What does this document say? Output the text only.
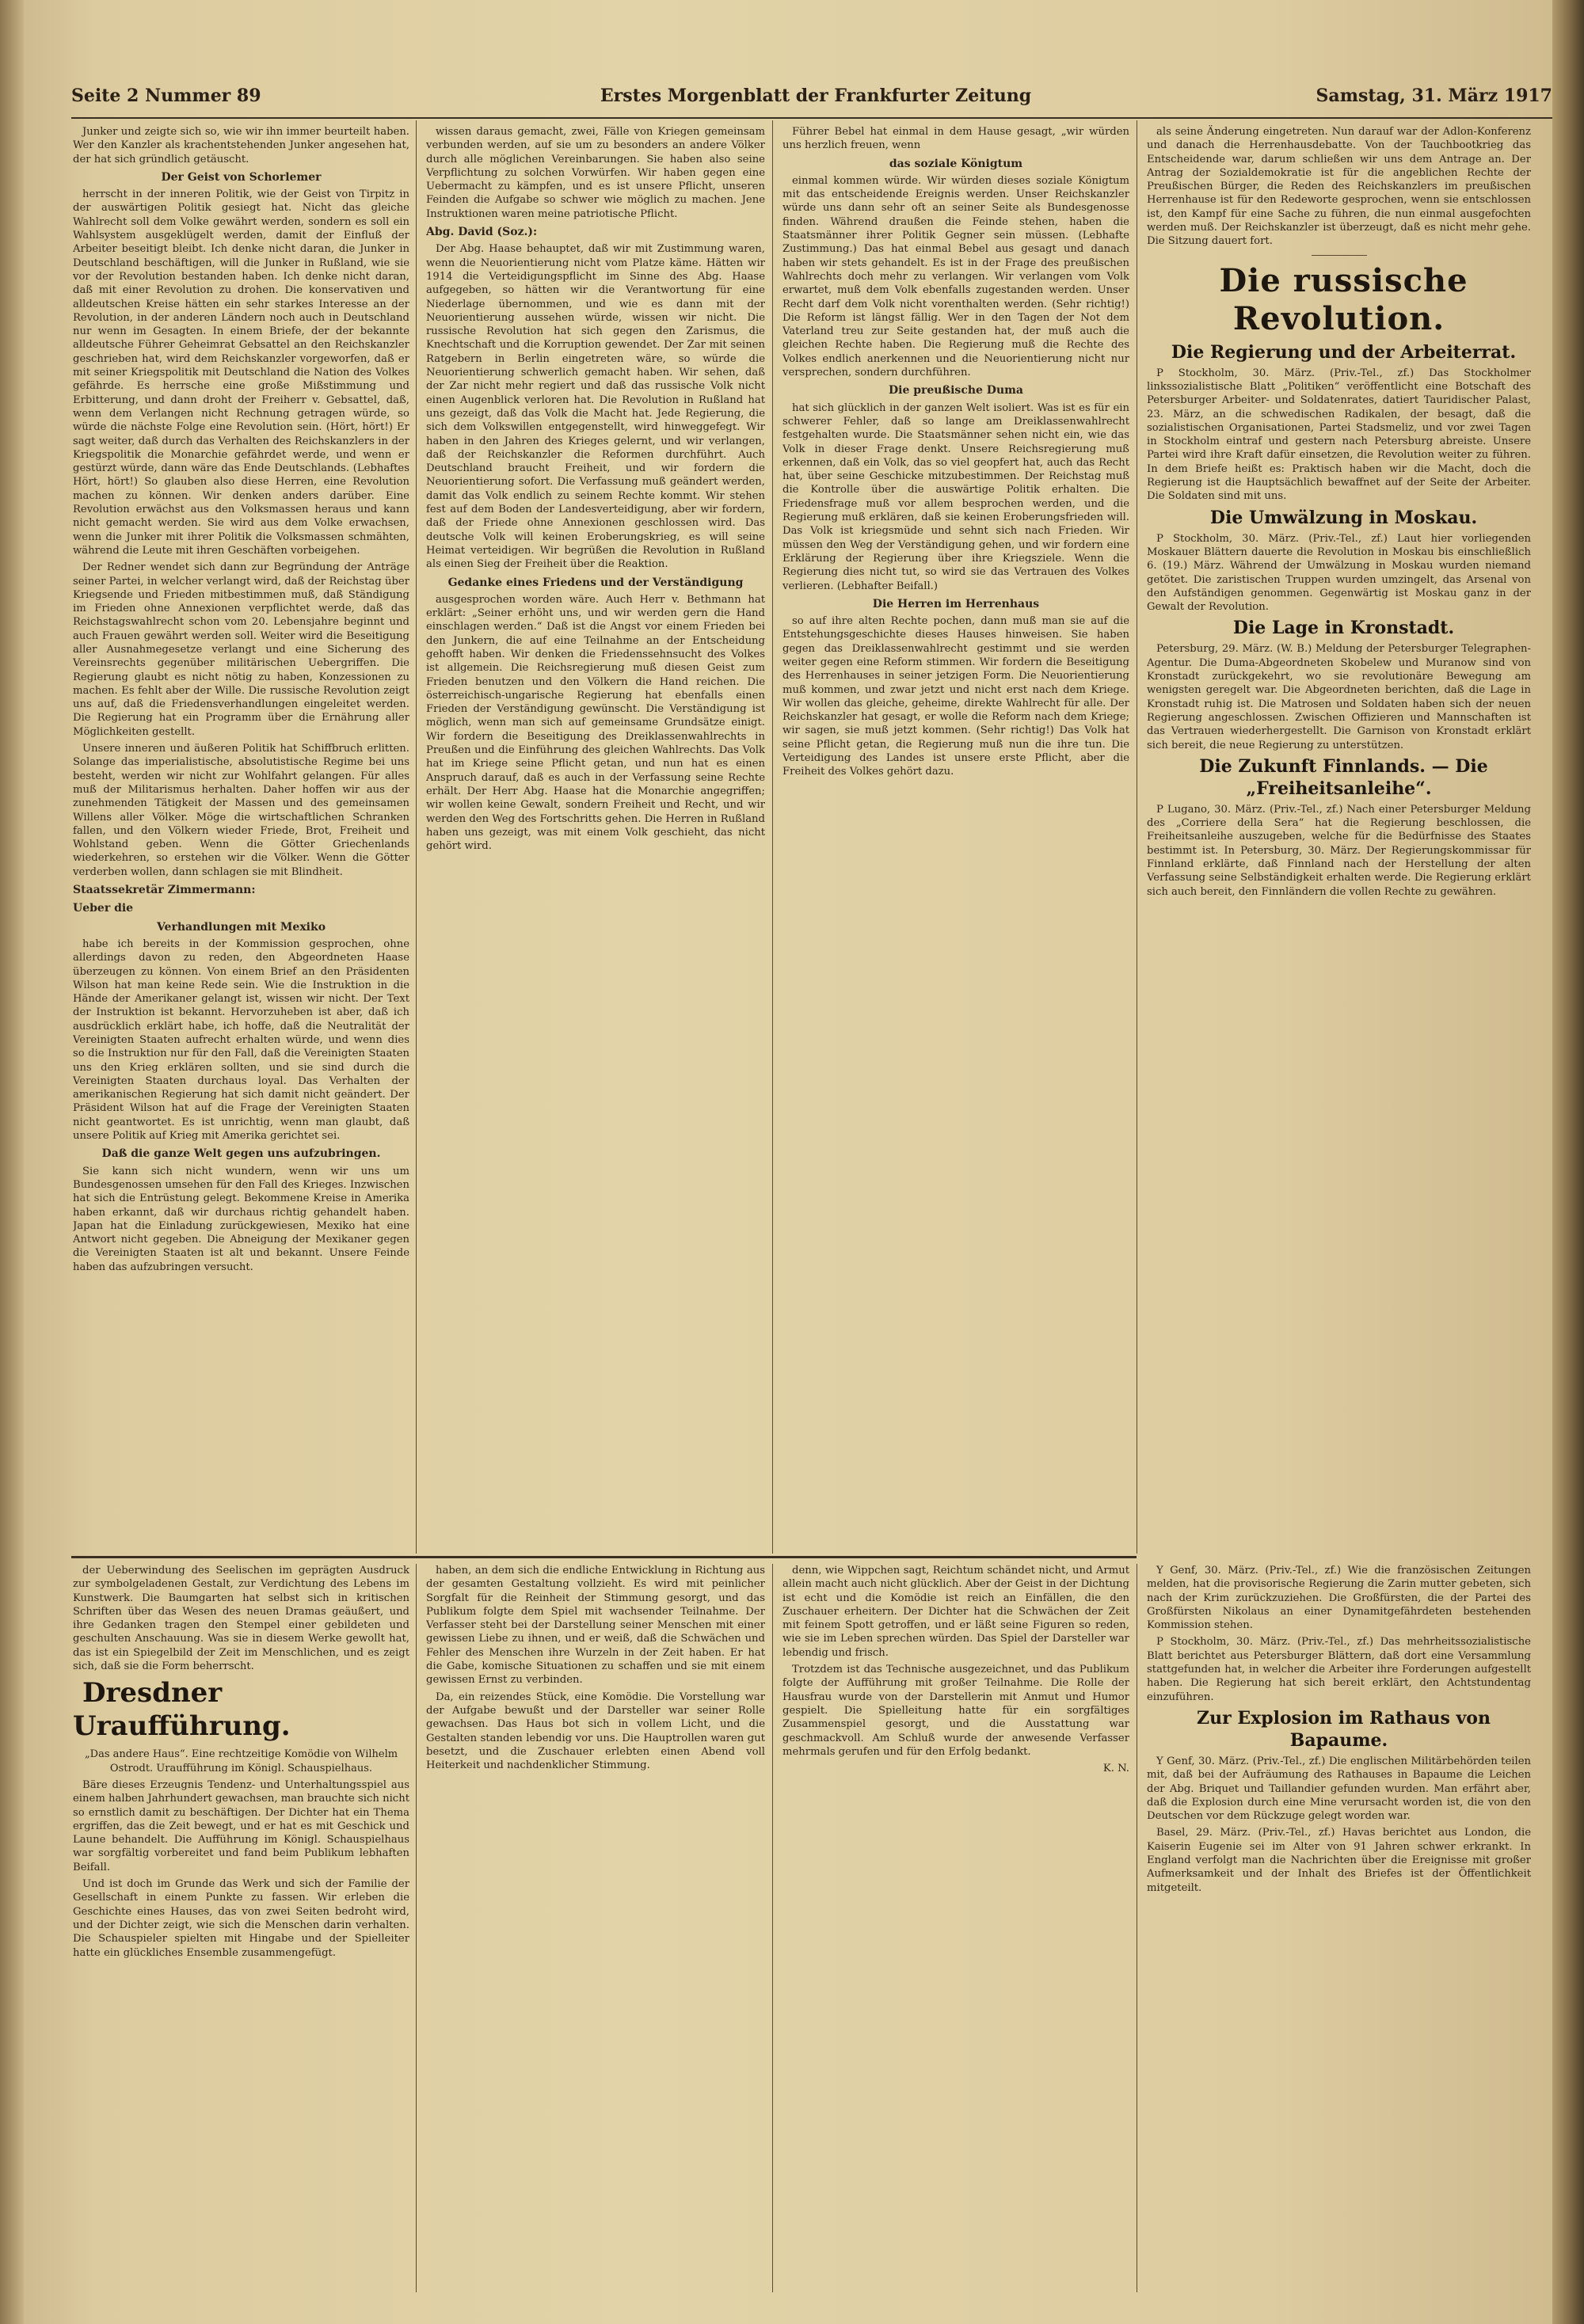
Seite 2 Nummer 89	Erstes Morgenblatt der Frankfurter Zeitung	Samstag, 31. März 1917

Junker und zeigte sich so, wie wir ihn immer beurteilt haben. Wer den Kanzler als krachentstehenden Junker angesehen hat, der hat sich gründlich getäuscht.

Der Geist von Schorlemer

herrscht in der inneren Politik, wie der Geist von Tirpitz in der auswärtigen Politik gesiegt hat. Nicht das gleiche Wahlrecht soll dem Volke gewährt werden, sondern es soll ein Wahlsystem ausgeklügelt werden, damit der Einfluß der Arbeiter beseitigt bleibt. Ich denke nicht daran, die Junker in Deutschland beschäftigen, will die Junker in Rußland, wie sie vor der Revolution bestanden haben. Ich denke nicht daran, daß mit einer Revolution zu drohen. Die konservativen und alldeutschen Kreise hätten ein sehr starkes Interesse an der Revolution, in der anderen Ländern noch auch in Deutschland nur wenn im Gesagten. In einem Briefe, der der bekannte alldeutsche Führer Geheimrat Gebsattel an den Reichskanzler geschrieben hat, wird dem Reichskanzler vorgeworfen, daß er mit seiner Kriegspolitik mit Deutschland die Nation des Volkes gefährde. Es herrsche eine große Mißstimmung und Erbitterung, und dann droht der Freiherr v. Gebsattel, daß, wenn dem Verlangen nicht Rechnung getragen würde, so würde die nächste Folge eine Revolution sein. (Hört, hört!) Er sagt weiter, daß durch das Verhalten des Reichskanzlers in der Kriegspolitik die Monarchie gefährdet werde, und wenn er gestürzt würde, dann wäre das Ende Deutschlands. (Lebhaftes Hört, hört!) So glauben also diese Herren, eine Revolution machen zu können. Wir denken anders darüber. Eine Revolution erwächst aus den Volksmassen heraus und kann nicht gemacht werden. Sie wird aus dem Volke erwachsen, wenn die Junker mit ihrer Politik die Volksmassen schmähten, während die Leute mit ihren Geschäften vorbeigehen.

Der Redner wendet sich dann zur Begründung der Anträge seiner Partei, in welcher verlangt wird, daß der Reichstag über Kriegsende und Frieden mitbestimmen muß, daß Ständigung im Frieden ohne Annexionen verpflichtet werde, daß das Reichstagswahlrecht schon vom 20. Lebensjahre beginnt und auch Frauen gewährt werden soll. Weiter wird die Beseitigung aller Ausnahmegesetze verlangt und eine Sicherung des Vereinsrechts gegenüber militärischen Uebergriffen. Die Regierung glaubt es nicht nötig zu haben, Konzessionen zu machen. Es fehlt aber der Wille. Die russische Revolution zeigt uns auf, daß die Friedensverhandlungen eingeleitet werden. Die Regierung hat ein Programm über die Ernährung aller Möglichkeiten gestellt.

Unsere inneren und äußeren Politik hat Schiffbruch erlitten. Solange das imperialistische, absolutistische Regime bei uns besteht, werden wir nicht zur Wohlfahrt gelangen. Für alles muß der Militarismus herhalten. Daher hoffen wir aus der zunehmenden Tätigkeit der Massen und des gemeinsamen Willens aller Völker. Möge die wirtschaftlichen Schranken fallen, und den Völkern wieder Friede, Brot, Freiheit und Wohlstand geben. Wenn die Götter Griechenlands wiederkehren, so erstehen wir die Völker. Wenn die Götter verderben wollen, dann schlagen sie mit Blindheit.

Staatssekretär Zimmermann:

Ueber die

Verhandlungen mit Mexiko

habe ich bereits in der Kommission gesprochen, ohne allerdings davon zu reden, den Abgeordneten Haase überzeugen zu können. Von einem Brief an den Präsidenten Wilson hat man keine Rede sein. Wie die Instruktion in die Hände der Amerikaner gelangt ist, wissen wir nicht. Der Text der Instruktion ist bekannt. Hervorzuheben ist aber, daß ich ausdrücklich erklärt habe, ich hoffe, daß die Neutralität der Vereinigten Staaten aufrecht erhalten würde, und wenn dies so die Instruktion nur für den Fall, daß die Vereinigten Staaten uns den Krieg erklären sollten, und sie sind durch die Vereinigten Staaten durchaus loyal. Das Verhalten der amerikanischen Regierung hat sich damit nicht geändert. Der Präsident Wilson hat auf die Frage der Vereinigten Staaten nicht geantwortet. Es ist unrichtig, wenn man glaubt, daß unsere Politik auf Krieg mit Amerika gerichtet sei.

Daß die ganze Welt gegen uns aufzubringen.

Sie kann sich nicht wundern, wenn wir uns um Bundesgenossen umsehen für den Fall des Krieges. Inzwischen hat sich die Entrüstung gelegt. Bekommene Kreise in Amerika haben erkannt, daß wir durchaus richtig gehandelt haben. Japan hat die Einladung zurückgewiesen, Mexiko hat eine Antwort nicht gegeben. Die Abneigung der Mexikaner gegen die Vereinigten Staaten ist alt und bekannt. Unsere Feinde haben das aufzubringen versucht.

wissen daraus gemacht, zwei, Fälle von Kriegen gemeinsam verbunden werden, auf sie um zu besonders an andere Völker durch alle möglichen Vereinbarungen. Sie haben also seine Verpflichtung zu solchen Vorwürfen. Wir haben gegen eine Uebermacht zu kämpfen, und es ist unsere Pflicht, unseren Feinden die Aufgabe so schwer wie möglich zu machen. Jene Instruktionen waren meine patriotische Pflicht.

Abg. David (Soz.):

Der Abg. Haase behauptet, daß wir mit Zustimmung waren, wenn die Neuorientierung nicht vom Platze käme. Hätten wir 1914 die Verteidigungspflicht im Sinne des Abg. Haase aufgegeben, so hätten wir die Verantwortung für eine Niederlage übernommen, und wie es dann mit der Neuorientierung aussehen würde, wissen wir nicht. Die russische Revolution hat sich gegen den Zarismus, die Knechtschaft und die Korruption gewendet. Der Zar mit seinen Ratgebern in Berlin eingetreten wäre, so würde die Neuorientierung schwerlich gemacht haben. Wir sehen, daß der Zar nicht mehr regiert und daß das russische Volk nicht einen Augenblick verloren hat. Die Revolution in Rußland hat uns gezeigt, daß das Volk die Macht hat. Jede Regierung, die sich dem Volkswillen entgegenstellt, wird hinweggefegt. Wir haben in den Jahren des Krieges gelernt, und wir verlangen, daß der Reichskanzler die Reformen durchführt. Auch Deutschland braucht Freiheit, und wir fordern die Neuorientierung sofort. Die Verfassung muß geändert werden, damit das Volk endlich zu seinem Rechte kommt. Wir stehen fest auf dem Boden der Landesverteidigung, aber wir fordern, daß der Friede ohne Annexionen geschlossen wird. Das deutsche Volk will keinen Eroberungskrieg, es will seine Heimat verteidigen. Wir begrüßen die Revolution in Rußland als einen Sieg der Freiheit über die Reaktion.

Gedanke eines Friedens und der Verständigung

ausgesprochen worden wäre. Auch Herr v. Bethmann hat erklärt: „Seiner erhöht uns, und wir werden gern die Hand einschlagen werden.“ Daß ist die Angst vor einem Frieden bei den Junkern, die auf eine Teilnahme an der Entscheidung gehofft haben. Wir denken die Friedenssehnsucht des Volkes ist allgemein. Die Reichsregierung muß diesen Geist zum Frieden benutzen und den Völkern die Hand reichen. Die österreichisch-ungarische Regierung hat ebenfalls einen Frieden der Verständigung gewünscht. Die Verständigung ist möglich, wenn man sich auf gemeinsame Grundsätze einigt. Wir fordern die Beseitigung des Dreiklassenwahlrechts in Preußen und die Einführung des gleichen Wahlrechts. Das Volk hat im Kriege seine Pflicht getan, und nun hat es einen Anspruch darauf, daß es auch in der Verfassung seine Rechte erhält. Der Herr Abg. Haase hat die Monarchie angegriffen; wir wollen keine Gewalt, sondern Freiheit und Recht, und wir werden den Weg des Fortschritts gehen. Die Herren in Rußland haben uns gezeigt, was mit einem Volk geschieht, das nicht gehört wird.

Führer Bebel hat einmal in dem Hause gesagt, „wir würden uns herzlich freuen, wenn

das soziale Königtum

einmal kommen würde. Wir würden dieses soziale Königtum mit das entscheidende Ereignis werden. Unser Reichskanzler würde uns dann sehr oft an seiner Seite als Bundesgenosse finden. Während draußen die Feinde stehen, haben die Staatsmänner ihrer Politik Gegner sein müssen. (Lebhafte Zustimmung.) Das hat einmal Bebel aus gesagt und danach haben wir stets gehandelt. Es ist in der Frage des preußischen Wahlrechts doch mehr zu verlangen. Wir verlangen vom Volk erwartet, muß dem Volk ebenfalls zugestanden werden. Unser Recht darf dem Volk nicht vorenthalten werden. (Sehr richtig!) Die Reform ist längst fällig. Wer in den Tagen der Not dem Vaterland treu zur Seite gestanden hat, der muß auch die gleichen Rechte haben. Die Regierung muß die Rechte des Volkes endlich anerkennen und die Neuorientierung nicht nur versprechen, sondern durchführen.

Die preußische Duma

hat sich glücklich in der ganzen Welt isoliert. Was ist es für ein schwerer Fehler, daß so lange am Dreiklassenwahlrecht festgehalten wurde. Die Staatsmänner sehen nicht ein, wie das Volk in dieser Frage denkt. Unsere Reichsregierung muß erkennen, daß ein Volk, das so viel geopfert hat, auch das Recht hat, über seine Geschicke mitzubestimmen. Der Reichstag muß die Kontrolle über die auswärtige Politik erhalten. Die Friedensfrage muß vor allem besprochen werden, und die Regierung muß erklären, daß sie keinen Eroberungsfrieden will. Das Volk ist kriegsmüde und sehnt sich nach Frieden. Wir müssen den Weg der Verständigung gehen, und wir fordern eine Erklärung der Regierung über ihre Kriegsziele. Wenn die Regierung dies nicht tut, so wird sie das Vertrauen des Volkes verlieren. (Lebhafter Beifall.)

Die Herren im Herrenhaus

so auf ihre alten Rechte pochen, dann muß man sie auf die Entstehungsgeschichte dieses Hauses hinweisen. Sie haben gegen das Dreiklassenwahlrecht gestimmt und sie werden weiter gegen eine Reform stimmen. Wir fordern die Beseitigung des Herrenhauses in seiner jetzigen Form. Die Neuorientierung muß kommen, und zwar jetzt und nicht erst nach dem Kriege. Wir wollen das gleiche, geheime, direkte Wahlrecht für alle. Der Reichskanzler hat gesagt, er wolle die Reform nach dem Kriege; wir sagen, sie muß jetzt kommen. (Sehr richtig!) Das Volk hat seine Pflicht getan, die Regierung muß nun die ihre tun. Die Verteidigung des Landes ist unsere erste Pflicht, aber die Freiheit des Volkes gehört dazu.

als seine Änderung eingetreten. Nun darauf war der Adlon-Konferenz und danach die Herrenhausdebatte. Von der Tauchbootkrieg das Entscheidende war, darum schließen wir uns dem Antrage an. Der Antrag der Sozialdemokratie ist für die angeblichen Rechte der Preußischen Bürger, die Reden des Reichskanzlers im preußischen Herrenhause ist für den Redeworte gesprochen, wenn sie entschlossen ist, den Kampf für eine Sache zu führen, die nun einmal ausgefochten werden muß. Der Reichskanzler ist überzeugt, daß es nicht mehr gehe. Die Sitzung dauert fort.

Die russische Revolution.

Die Regierung und der Arbeiterrat.

P Stockholm, 30. März. (Priv.-Tel., zf.) Das Stockholmer linkssozialistische Blatt „Politiken“ veröffentlicht eine Botschaft des Petersburger Arbeiter- und Soldatenrates, datiert Tauridischer Palast, 23. März, an die schwedischen Radikalen, der besagt, daß die sozialistischen Organisationen, Partei Stadsmeliz, und vor zwei Tagen in Stockholm eintraf und gestern nach Petersburg abreiste. Unsere Partei wird ihre Kraft dafür einsetzen, die Revolution weiter zu führen. In dem Briefe heißt es: Praktisch haben wir die Macht, doch die Regierung ist die Hauptsächlich bewaffnet auf der Seite der Arbeiter. Die Soldaten sind mit uns.

Die Umwälzung in Moskau.

P Stockholm, 30. März. (Priv.-Tel., zf.) Laut hier vorliegenden Moskauer Blättern dauerte die Revolution in Moskau bis einschließlich 6. (19.) März. Während der Umwälzung in Moskau wurden niemand getötet. Die zaristischen Truppen wurden umzingelt, das Arsenal von den Aufständigen genommen. Gegenwärtig ist Moskau ganz in der Gewalt der Revolution.

Die Lage in Kronstadt.

Petersburg, 29. März. (W. B.) Meldung der Petersburger Telegraphen-Agentur. Die Duma-Abgeordneten Skobelew und Muranow sind von Kronstadt zurückgekehrt, wo sie revolutionäre Bewegung am wenigsten geregelt war. Die Abgeordneten berichten, daß die Lage in Kronstadt ruhig ist. Die Matrosen und Soldaten haben sich der neuen Regierung angeschlossen. Zwischen Offizieren und Mannschaften ist das Vertrauen wiederhergestellt. Die Garnison von Kronstadt erklärt sich bereit, die neue Regierung zu unterstützen.

Die Zukunft Finnlands. — Die „Freiheitsanleihe“.

P Lugano, 30. März. (Priv.-Tel., zf.) Nach einer Petersburger Meldung des „Corriere della Sera“ hat die Regierung beschlossen, die Freiheitsanleihe auszugeben, welche für die Bedürfnisse des Staates bestimmt ist. In Petersburg, 30. März. Der Regierungskommissar für Finnland erklärte, daß Finnland nach der Herstellung der alten Verfassung seine Selbständigkeit erhalten werde. Die Regierung erklärt sich auch bereit, den Finnländern die vollen Rechte zu gewähren.

Y Genf, 30. März. (Priv.-Tel., zf.) Wie die französischen Zeitungen melden, hat die provisorische Regierung die Zarin mutter gebeten, sich nach der Krim zurückzuziehen. Die Großfürsten, die der Partei des Großfürsten Nikolaus an einer Dynamitgefährdeten bestehenden Kommission stehen.

P Stockholm, 30. März. (Priv.-Tel., zf.) Das mehrheitssozialistische Blatt berichtet aus Petersburger Blättern, daß dort eine Versammlung stattgefunden hat, in welcher die Arbeiter ihre Forderungen aufgestellt haben. Die Regierung hat sich bereit erklärt, den Achtstundentag einzuführen.

Zur Explosion im Rathaus von Bapaume.

Y Genf, 30. März. (Priv.-Tel., zf.) Die englischen Militärbehörden teilen mit, daß bei der Aufräumung des Rathauses in Bapaume die Leichen der Abg. Briquet und Taillandier gefunden wurden. Man erfährt aber, daß die Explosion durch eine Mine verursacht worden ist, die von den Deutschen vor dem Rückzuge gelegt worden war.

Basel, 29. März. (Priv.-Tel., zf.) Havas berichtet aus London, die Kaiserin Eugenie sei im Alter von 91 Jahren schwer erkrankt. In England verfolgt man die Nachrichten über die Ereignisse mit großer Aufmerksamkeit und der Inhalt des Briefes ist der Öffentlichkeit mitgeteilt.

der Ueberwindung des Seelischen im geprägten Ausdruck zur symbolgeladenen Gestalt, zur Verdichtung des Lebens im Kunstwerk. Die Baumgarten hat selbst sich in kritischen Schriften über das Wesen des neuen Dramas geäußert, und ihre Gedanken tragen den Stempel einer gebildeten und geschulten Anschauung. Was sie in diesem Werke gewollt hat, das ist ein Spiegelbild der Zeit im Menschlichen, und es zeigt sich, daß sie die Form beherrscht.

Dresdner Uraufführung.

„Das andere Haus“. Eine rechtzeitige Komödie von Wilhelm Ostrodt. Uraufführung im Königl. Schauspielhaus.

Bäre dieses Erzeugnis Tendenz- und Unterhaltungsspiel aus einem halben Jahrhundert gewachsen, man brauchte sich nicht so ernstlich damit zu beschäftigen. Der Dichter hat ein Thema ergriffen, das die Zeit bewegt, und er hat es mit Geschick und Laune behandelt. Die Aufführung im Königl. Schauspielhaus war sorgfältig vorbereitet und fand beim Publikum lebhaften Beifall.

Und ist doch im Grunde das Werk und sich der Familie der Gesellschaft in einem Punkte zu fassen. Wir erleben die Geschichte eines Hauses, das von zwei Seiten bedroht wird, und der Dichter zeigt, wie sich die Menschen darin verhalten. Die Schauspieler spielten mit Hingabe und der Spielleiter hatte ein glückliches Ensemble zusammengefügt.

haben, an dem sich die endliche Entwicklung in Richtung aus der gesamten Gestaltung vollzieht. Es wird mit peinlicher Sorgfalt für die Reinheit der Stimmung gesorgt, und das Publikum folgte dem Spiel mit wachsender Teilnahme. Der Verfasser steht bei der Darstellung seiner Menschen mit einer gewissen Liebe zu ihnen, und er weiß, daß die Schwächen und Fehler des Menschen ihre Wurzeln in der Zeit haben. Er hat die Gabe, komische Situationen zu schaffen und sie mit einem gewissen Ernst zu verbinden.

Da, ein reizendes Stück, eine Komödie. Die Vorstellung war der Aufgabe bewußt und der Darsteller war seiner Rolle gewachsen. Das Haus bot sich in vollem Licht, und die Gestalten standen lebendig vor uns. Die Hauptrollen waren gut besetzt, und die Zuschauer erlebten einen Abend voll Heiterkeit und nachdenklicher Stimmung.

denn, wie Wippchen sagt, Reichtum schändet nicht, und Armut allein macht auch nicht glücklich. Aber der Geist in der Dichtung ist echt und die Komödie ist reich an Einfällen, die den Zuschauer erheitern. Der Dichter hat die Schwächen der Zeit mit feinem Spott getroffen, und er läßt seine Figuren so reden, wie sie im Leben sprechen würden. Das Spiel der Darsteller war lebendig und frisch.

Trotzdem ist das Technische ausgezeichnet, und das Publikum folgte der Aufführung mit großer Teilnahme. Die Rolle der Hausfrau wurde von der Darstellerin mit Anmut und Humor gespielt. Die Spielleitung hatte für ein sorgfältiges Zusammenspiel gesorgt, und die Ausstattung war geschmackvoll. Am Schluß wurde der anwesende Verfasser mehrmals gerufen und für den Erfolg bedankt.

K. N.
